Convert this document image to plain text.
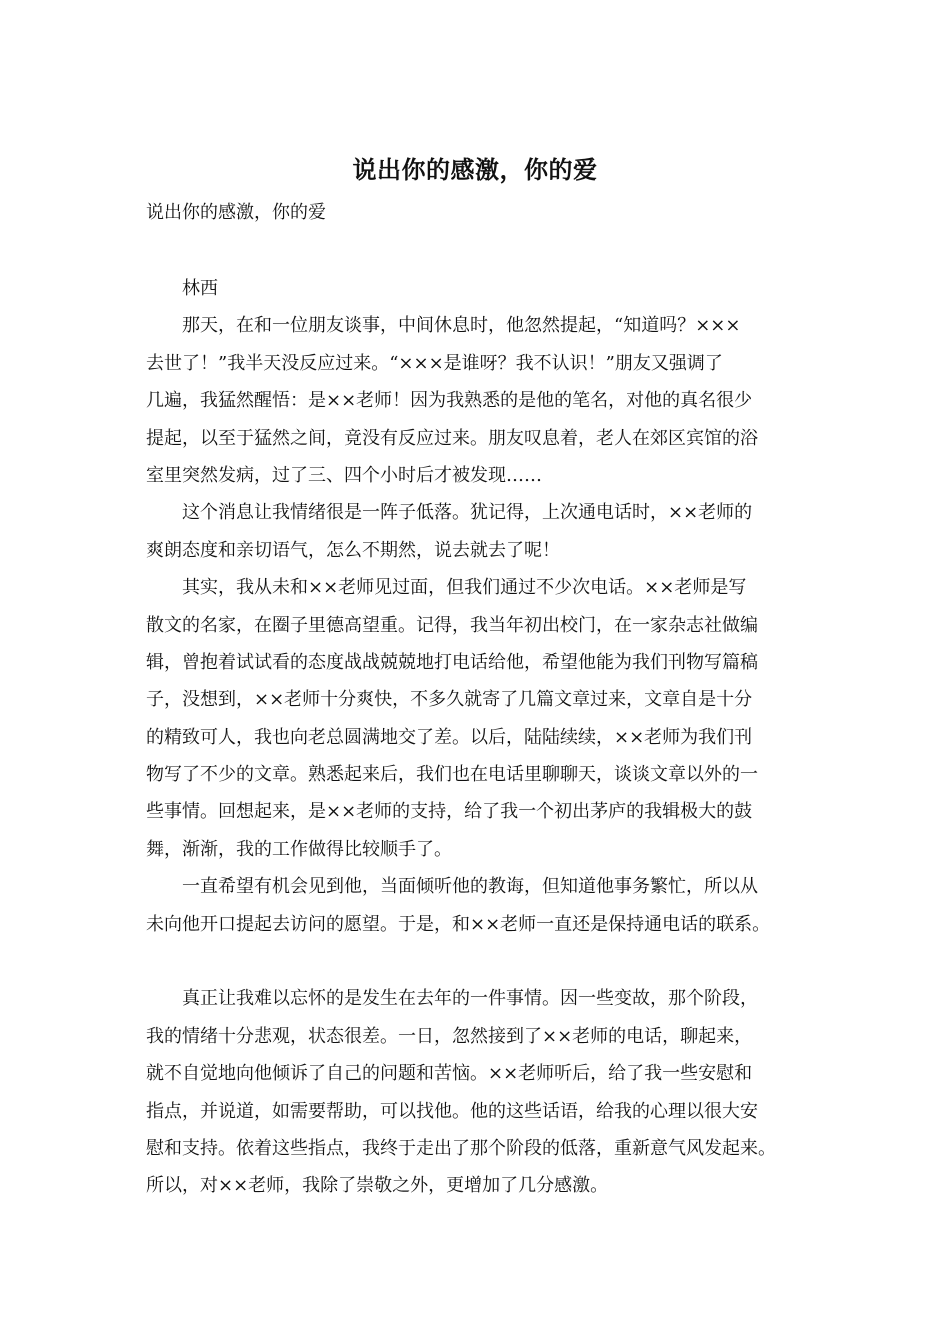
说出你的感激，你的爱
说出你的感激，你的爱
林西
那天，在和一位朋友谈事，中间休息时，他忽然提起，“知道吗？×××
去世了！”我半天没反应过来。“×××是谁呀？我不认识！”朋友又强调了
几遍，我猛然醒悟：是××老师！因为我熟悉的是他的笔名，对他的真名很少
提起，以至于猛然之间，竟没有反应过来。朋友叹息着，老人在郊区宾馆的浴
室里突然发病，过了三、四个小时后才被发现……
这个消息让我情绪很是一阵子低落。犹记得，上次通电话时，××老师的
爽朗态度和亲切语气，怎么不期然，说去就去了呢！
其实，我从未和××老师见过面，但我们通过不少次电话。××老师是写
散文的名家，在圈子里德高望重。记得，我当年初出校门，在一家杂志社做编
辑，曾抱着试试看的态度战战兢兢地打电话给他，希望他能为我们刊物写篇稿
子，没想到，××老师十分爽快，不多久就寄了几篇文章过来，文章自是十分
的精致可人，我也向老总圆满地交了差。以后，陆陆续续，××老师为我们刊
物写了不少的文章。熟悉起来后，我们也在电话里聊聊天，谈谈文章以外的一
些事情。回想起来，是××老师的支持，给了我一个初出茅庐的我辑极大的鼓
舞，渐渐，我的工作做得比较顺手了。
一直希望有机会见到他，当面倾听他的教诲，但知道他事务繁忙，所以从
未向他开口提起去访问的愿望。于是，和××老师一直还是保持通电话的联系。
真正让我难以忘怀的是发生在去年的一件事情。因一些变故，那个阶段，
我的情绪十分悲观，状态很差。一日，忽然接到了××老师的电话，聊起来，
就不自觉地向他倾诉了自己的问题和苦恼。××老师听后，给了我一些安慰和
指点，并说道，如需要帮助，可以找他。他的这些话语，给我的心理以很大安
慰和支持。依着这些指点，我终于走出了那个阶段的低落，重新意气风发起来。
所以，对××老师，我除了崇敬之外，更增加了几分感激。
